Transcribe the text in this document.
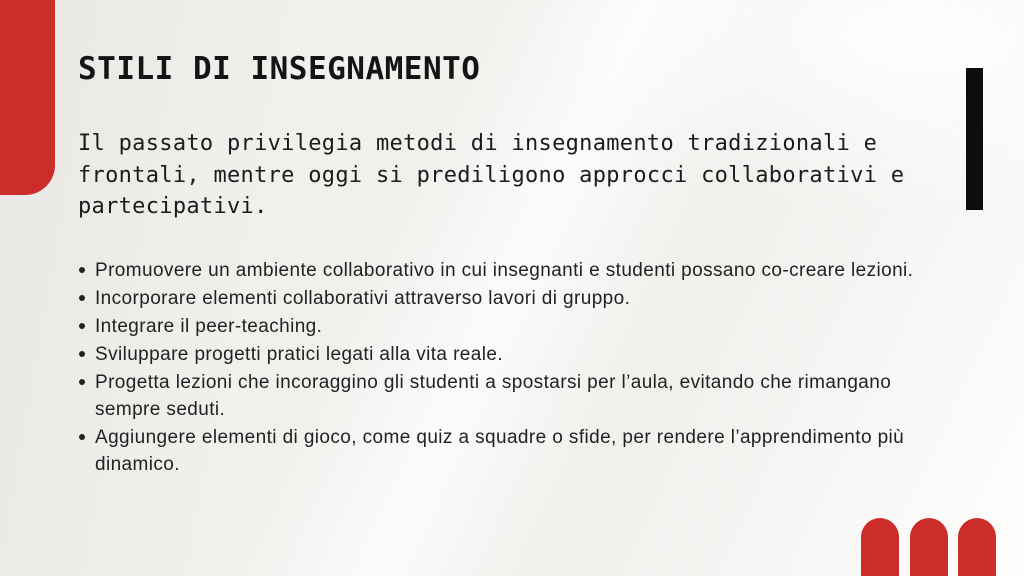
STILI DI INSEGNAMENTO

Il passato privilegia metodi di insegnamento tradizionali e frontali, mentre oggi si prediligono approcci collaborativi e partecipativi.

Promuovere un ambiente collaborativo in cui insegnanti e studenti possano co-creare lezioni.
Incorporare elementi collaborativi attraverso lavori di gruppo.
Integrare il peer-teaching.
Sviluppare progetti pratici legati alla vita reale.
Progetta lezioni che incoraggino gli studenti a spostarsi per l’aula, evitando che rimangano sempre seduti.
Aggiungere elementi di gioco, come quiz a squadre o sfide, per rendere l’apprendimento più dinamico.
